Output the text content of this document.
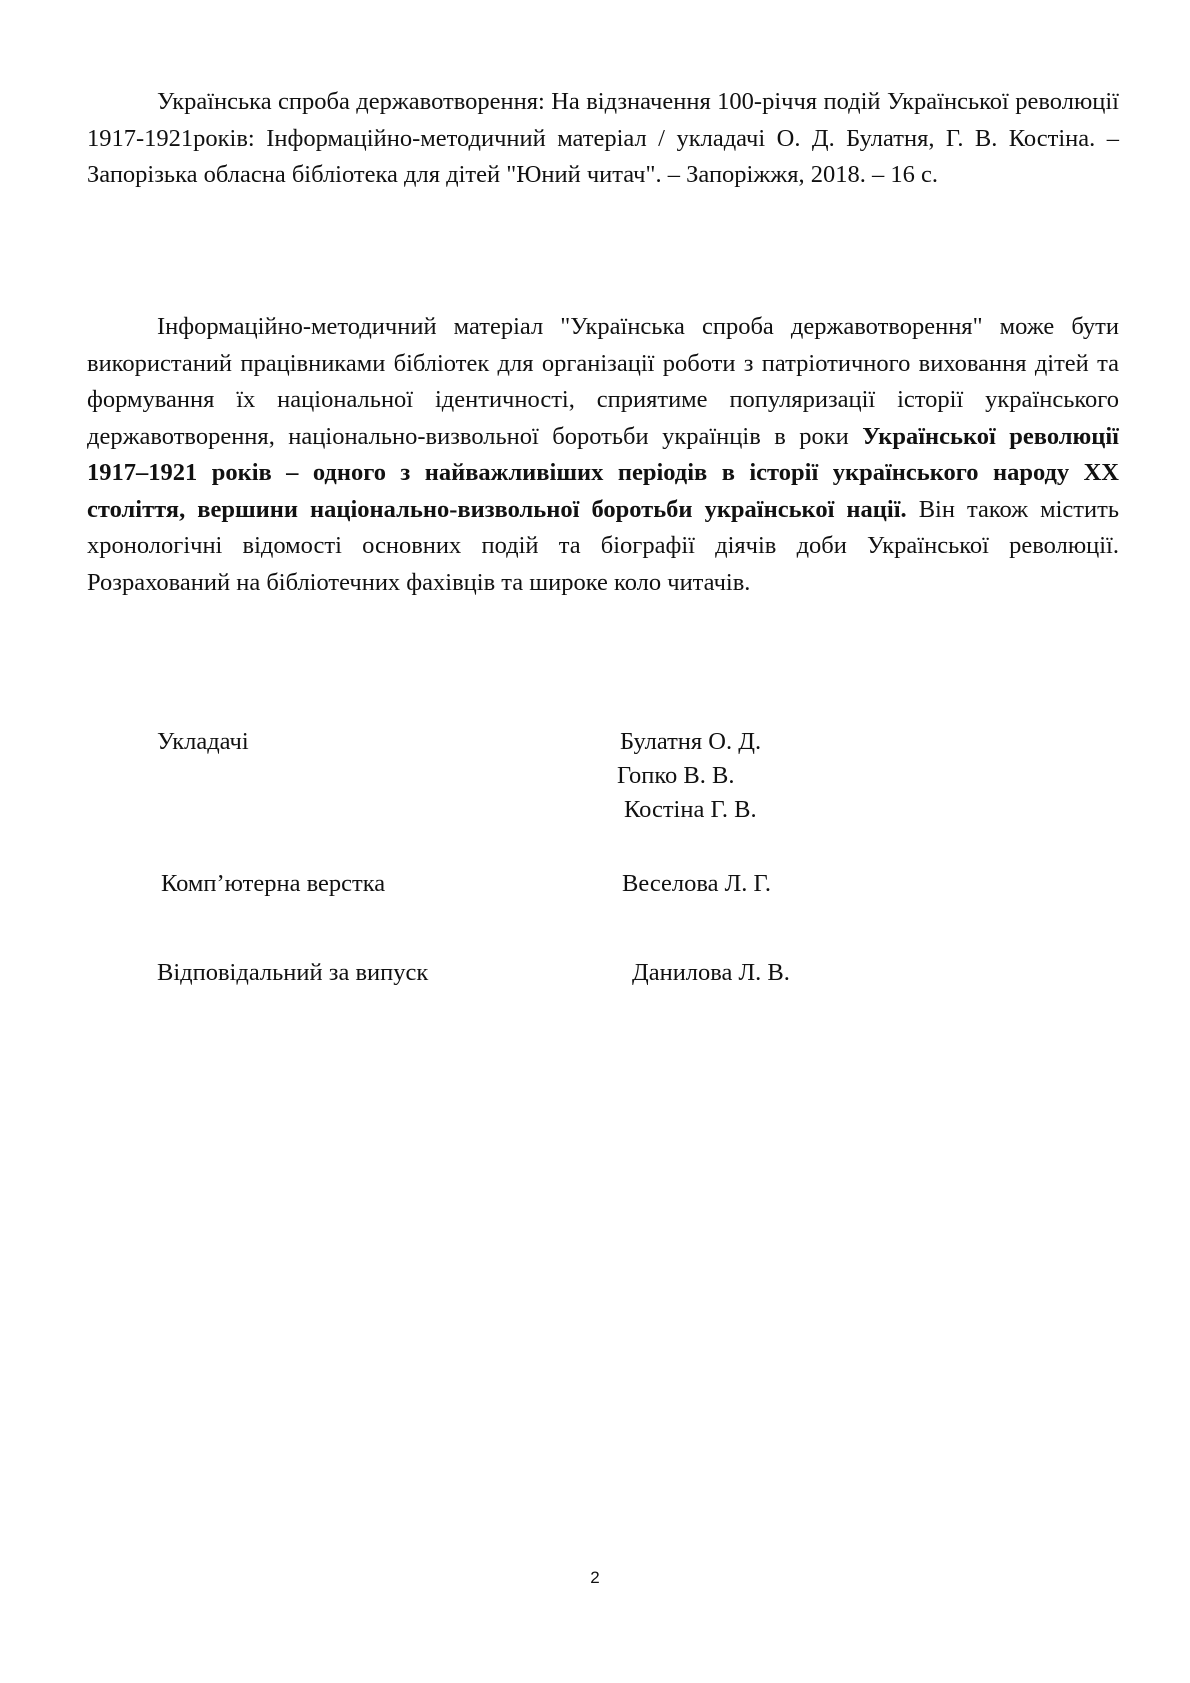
Українська спроба державотворення: На відзначення 100-річчя подій Української революції 1917-1921років: Інформаційно-методичний матеріал / укладачі О. Д. Булатня, Г. В. Костіна. – Запорізька обласна бібліотека для дітей "Юний читач". – Запоріжжя, 2018. – 16 с.

Інформаційно-методичний матеріал "Українська спроба державотворення" може бути використаний працівниками бібліотек для організації роботи з патріотичного виховання дітей та формування їх національної ідентичності, сприятиме популяризації історії українського державотворення, національно-визвольної боротьби українців в роки Української революції 1917–1921 років – одного з найважливіших періодів в історії українського народу XX століття, вершини національно-визвольної боротьби української нації. Він також містить хронологічні відомості основних подій та біографії діячів доби Української революції. Розрахований на бібліотечних фахівців та широке коло читачів.

Укладачі	Булатня О. Д.
Гопко В. В.
Костіна Г. В.
Комп’ютерна верстка	Веселова Л. Г.
Відповідальний за випуск	Данилова Л. В.
2
